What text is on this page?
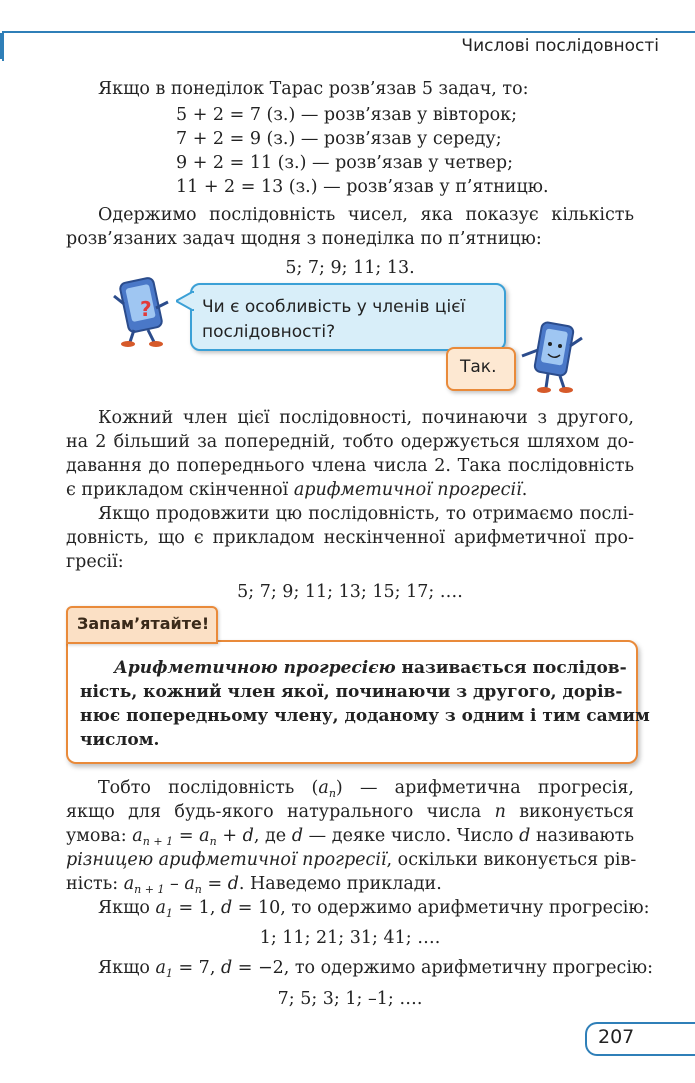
Числові послідовності
Якщо в понеділок Тарас розв’язав 5 задач, то:
5 + 2 = 7 (з.) — розв’язав у вівторок;
7 + 2 = 9 (з.) — розв’язав у середу;
9 + 2 = 11 (з.) — розв’язав у четвер;
11 + 2 = 13 (з.) — розв’язав у п’ятницю.
Одержимо послідовність чисел, яка показує кількість
розв’язаних задач щодня з понеділка по п’ятницю:
5; 7; 9; 11; 13.
?	Чи є особливість у членів цієї
послідовності?
Так.
Кожний член цієї послідовності, починаючи з другого,
на 2 більший за попередній, тобто одержується шляхом до-
давання до попереднього члена числа 2. Така послідовність
є прикладом скінченної арифметичної прогресії.
Якщо продовжити цю послідовність, то отримаємо послі-
довність, що є прикладом нескінченної арифметичної про-
гресії:
5; 7; 9; 11; 13; 15; 17; ….
Запам’ятайте!
Арифметичною прогресією називається послідов-
ність, кожний член якої, починаючи з другого, дорів-
нює попередньому члену, доданому з одним і тим самим
числом.
Тобто послідовність $(a_n)$ — арифметична прогресія,
якщо для будь-якого натурального числа n виконується
умова: $a_{n + 1} = a_n + d$, де d — деяке число. Число d називають
різницею арифметичної прогресії, оскільки виконується рів-
ність: $a_{n + 1} - a_n = d$. Наведемо приклади.
Якщо $a_1 = 1$, d = 10, то одержимо арифметичну прогресію:
1; 11; 21; 31; 41; ….
Якщо $a_1 = 7$, d = −2, то одержимо арифметичну прогресію:
7; 5; 3; 1; –1; ….
207
